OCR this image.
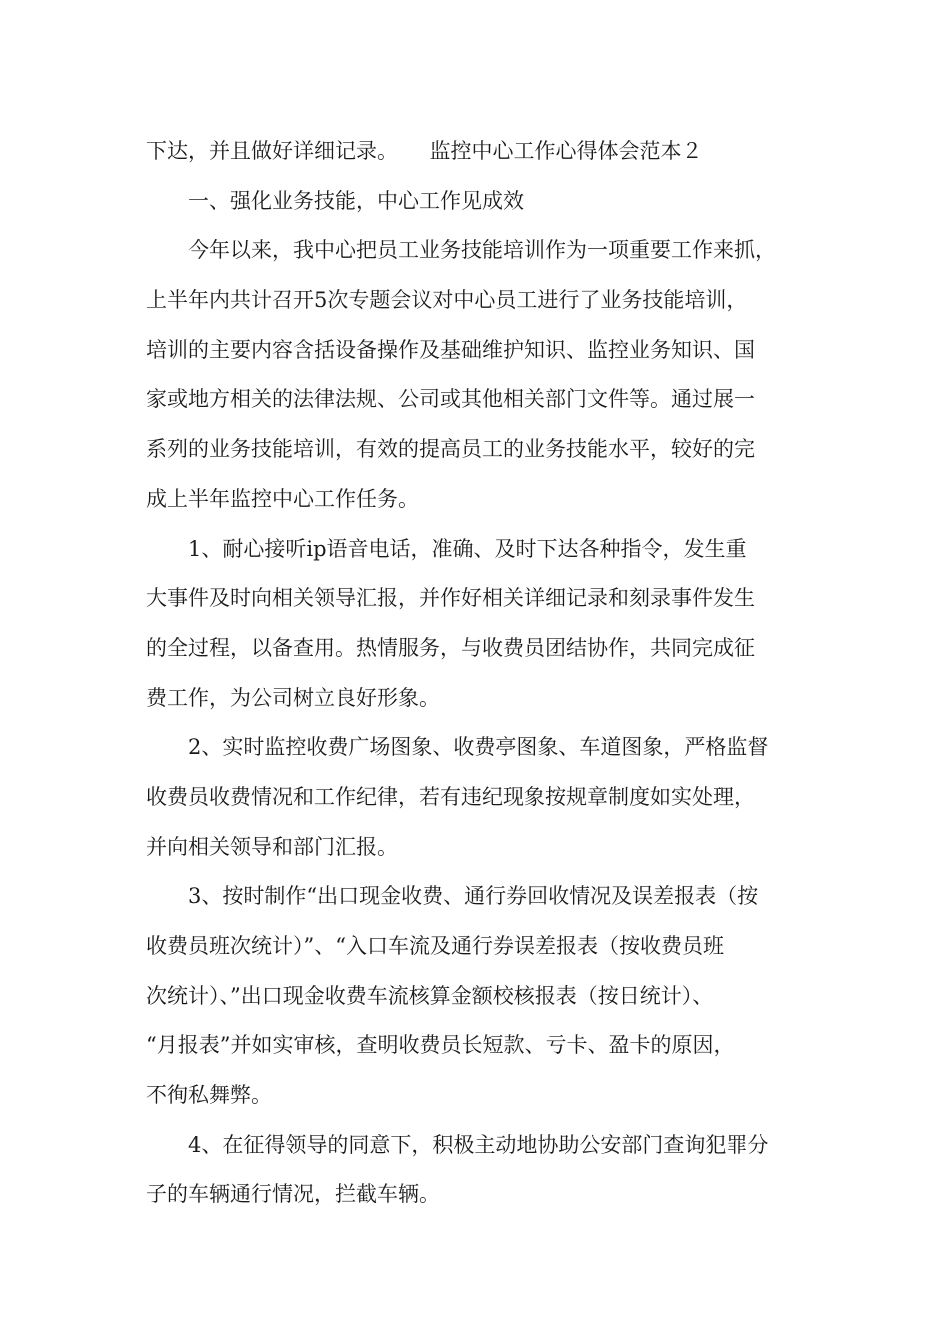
下达，并且做好详细记录。　　监控中心工作心得体会范本２
一、强化业务技能，中心工作见成效
今年以来，我中心把员工业务技能培训作为一项重要工作来抓，
上半年内共计召开5次专题会议对中心员工进行了业务技能培训，
培训的主要内容含括设备操作及基础维护知识、监控业务知识、国
家或地方相关的法律法规、公司或其他相关部门文件等。通过展一
系列的业务技能培训，有效的提高员工的业务技能水平，较好的完
成上半年监控中心工作任务。
1、耐心接听ip语音电话，准确、及时下达各种指令，发生重
大事件及时向相关领导汇报，并作好相关详细记录和刻录事件发生
的全过程，以备查用。热情服务，与收费员团结协作，共同完成征
费工作，为公司树立良好形象。
2、实时监控收费广场图象、收费亭图象、车道图象，严格监督
收费员收费情况和工作纪律，若有违纪现象按规章制度如实处理，
并向相关领导和部门汇报。
3、按时制作“出口现金收费、通行券回收情况及误差报表（按
收费员班次统计）”、“入口车流及通行券误差报表（按收费员班
次统计）、”出口现金收费车流核算金额校核报表（按日统计）、
“月报表”并如实审核，查明收费员长短款、亏卡、盈卡的原因，
不徇私舞弊。
4、在征得领导的同意下，积极主动地协助公安部门查询犯罪分
子的车辆通行情况，拦截车辆。
